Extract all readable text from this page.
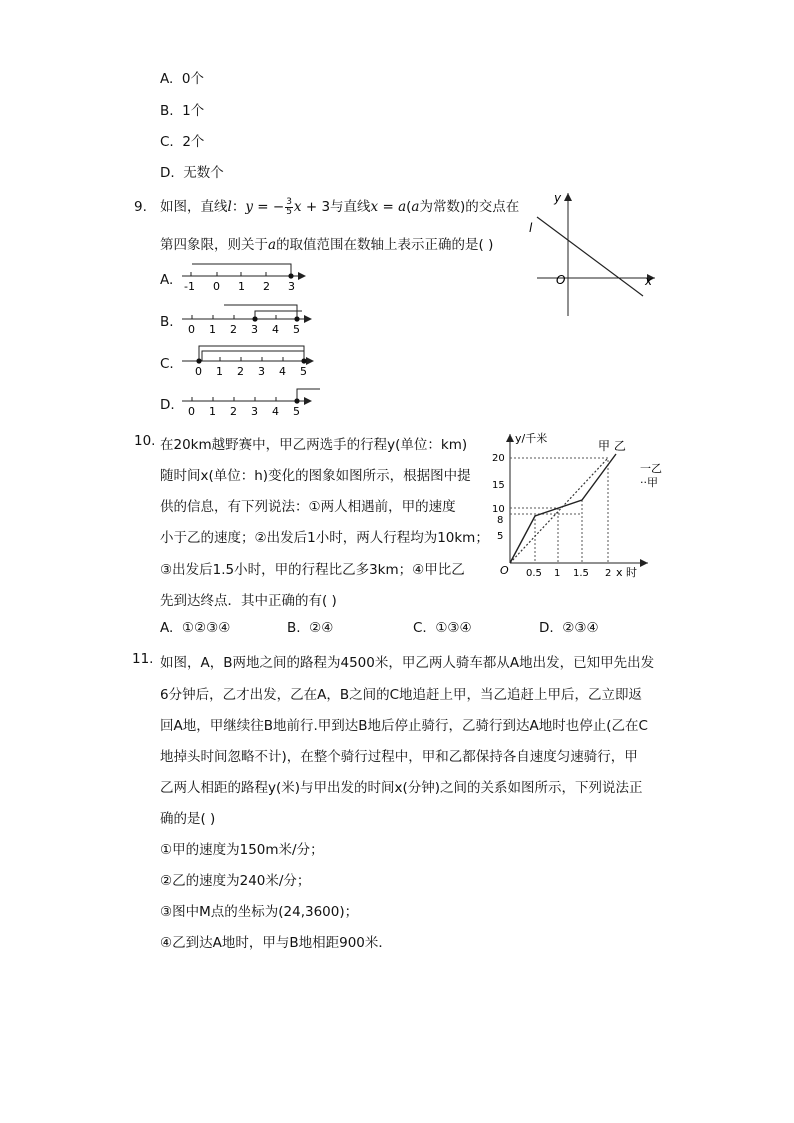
A. 0个
B. 1个
C. 2个
D. 无数个
9. 如图，直线l：y = − $\frac{3}{5}$ x + 3与直线x = a(a为常数)的交点在
第四象限，则关于a的取值范围在数轴上表示正确的是( )
y
l
O	x
A. -1 0 1 2 3
B. 0 1 2 3 4 5
C. 0 1 2 3 4 5
D. 0 1 2 3 4 5
10. 在20km越野赛中，甲乙两选手的行程y(单位：km)
随时间x(单位：h)变化的图象如图所示，根据图中提
供的信息，有下列说法：①两人相遇前，甲的速度
小于乙的速度；②出发后1小时，两人行程均为10km；
③出发后1.5小时，甲的行程比乙多3km；④甲比乙
先到达终点．其中正确的有( )
A. ①②③④	B. ②④	C. ①③④	D. ②③④
y/千米
20
15
10
8
5
O 0.5 1 1.5 2 x 时
甲 乙
一乙
··甲
11. 如图，A，B两地之间的路程为4500米，甲乙两人骑车都从A地出发，已知甲先出发
6分钟后，乙才出发，乙在A，B之间的C地追赶上甲，当乙追赶上甲后，乙立即返
回A地，甲继续往B地前行.甲到达B地后停止骑行，乙骑行到达A地时也停止(乙在C
地掉头时间忽略不计)，在整个骑行过程中，甲和乙都保持各自速度匀速骑行，甲
乙两人相距的路程y(米)与甲出发的时间x(分钟)之间的关系如图所示，下列说法正
确的是( )
①甲的速度为150m米/分；
②乙的速度为240米/分；
③图中M点的坐标为(24,3600)；
④乙到达A地时，甲与B地相距900米．
